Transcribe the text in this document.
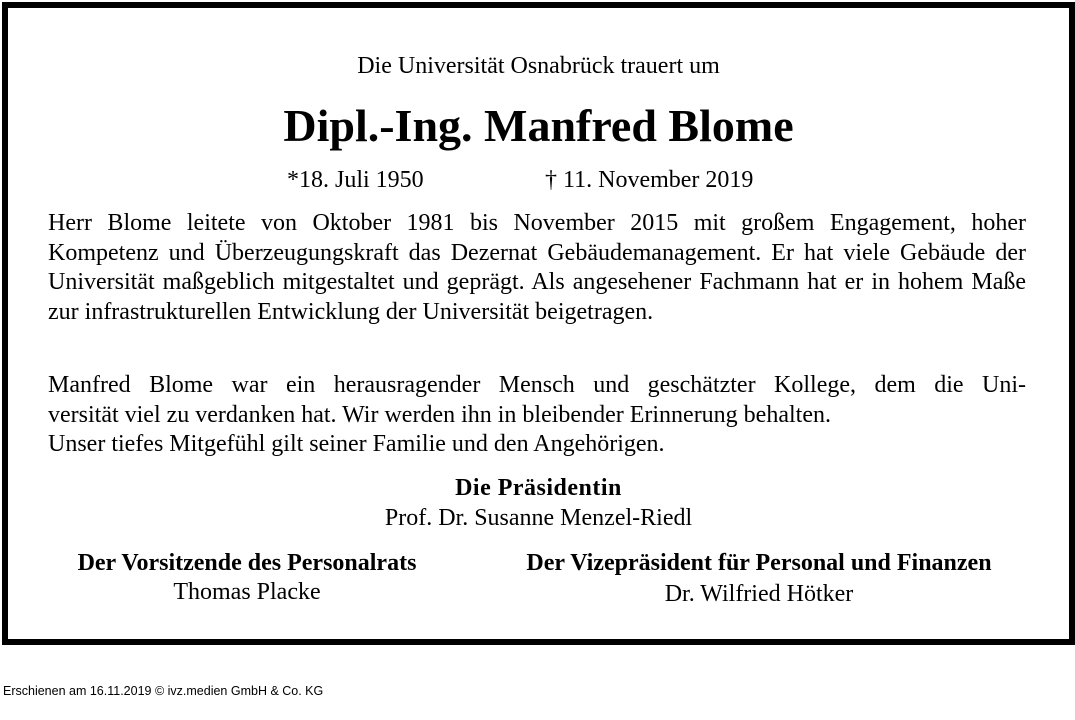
Die Universität Osnabrück trauert um
Dipl.-Ing. Manfred Blome
*18. Juli 1950	† 11. November 2019

Herr Blome leitete von Oktober 1981 bis November 2015 mit großem Engagement, hoher Kompetenz und Überzeugungskraft das Dezernat Gebäudemanagement. Er hat viele Gebäude der Universität maßgeblich mitgestaltet und geprägt. Als angesehener Fachmann hat er in hohem Maße zur infrastrukturellen Entwicklung der Universität beigetragen.

Manfred Blome war ein herausragender Mensch und geschätzter Kollege, dem die Uni-
versität viel zu verdanken hat. Wir werden ihn in bleibender Erinnerung behalten.
Unser tiefes Mitgefühl gilt seiner Familie und den Angehörigen.
Die Präsidentin
Prof. Dr. Susanne Menzel-Riedl
Der Vorsitzende des Personalrats
Thomas Placke
Der Vizepräsident für Personal und Finanzen
Dr. Wilfried Hötker
Erschienen am 16.11.2019 © ivz.medien GmbH & Co. KG
